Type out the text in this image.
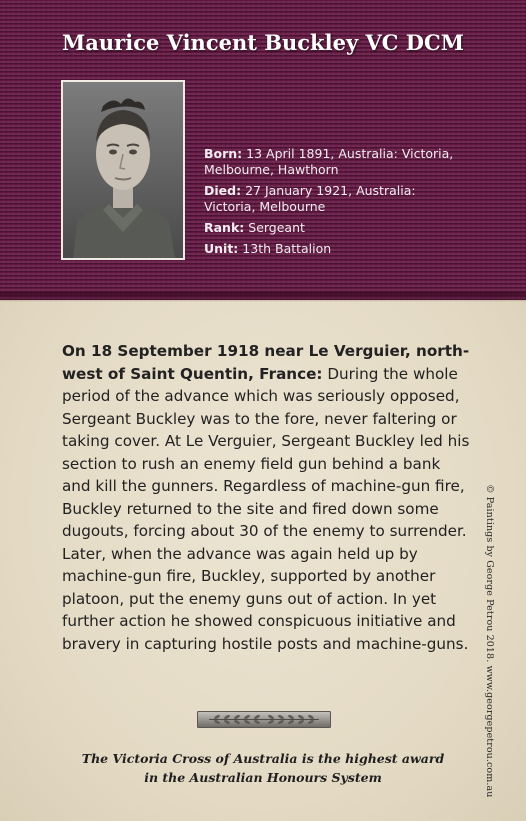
Maurice Vincent Buckley VC DCM
Born: 13 April 1891, Australia: Victoria, Melbourne, Hawthorn
Died: 27 January 1921, Australia: Victoria, Melbourne
Rank: Sergeant
Unit: 13th Battalion

On 18 September 1918 near Le Verguier, north-west of Saint Quentin, France: During the whole period of the advance which was seriously opposed, Sergeant Buckley was to the fore, never faltering or taking cover. At Le Verguier, Sergeant Buckley led his section to rush an enemy field gun behind a bank and kill the gunners. Regardless of machine-gun fire, Buckley returned to the site and fired down some dugouts, forcing about 30 of the enemy to surrender. Later, when the advance was again held up by machine-gun fire, Buckley, supported by another platoon, put the enemy guns out of action. In yet further action he showed conspicuous initiative and bravery in capturing hostile posts and machine-guns. © Paintings by George Petrou 2018. www.georgepetrou.com.au
The Victoria Cross of Australia is the highest award
in the Australian Honours System
